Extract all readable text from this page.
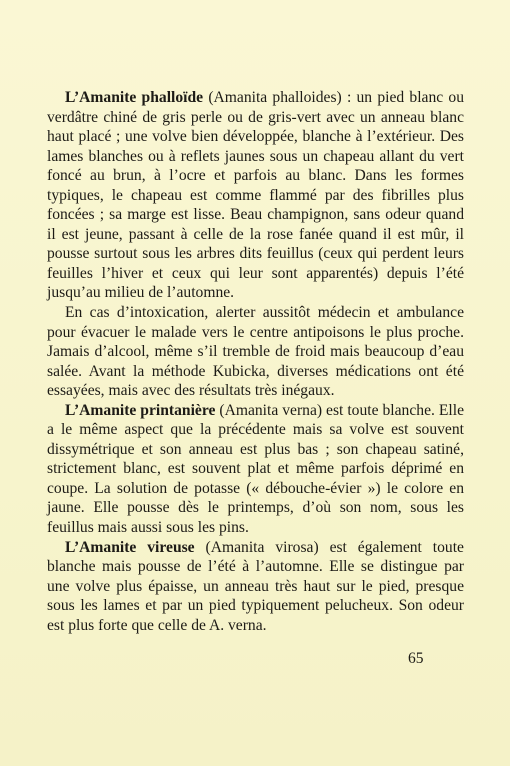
L’Amanite phalloïde (Amanita phalloides) : un pied blanc ou verdâtre chiné de gris perle ou de gris-vert avec un anneau blanc haut placé ; une volve bien développée, blanche à l’extérieur. Des lames blanches ou à reflets jaunes sous un chapeau allant du vert foncé au brun, à l’ocre et parfois au blanc. Dans les formes typiques, le chapeau est comme flammé par des fibrilles plus foncées ; sa marge est lisse. Beau champignon, sans odeur quand il est jeune, passant à celle de la rose fanée quand il est mûr, il pousse surtout sous les arbres dits feuillus (ceux qui perdent leurs feuilles l’hiver et ceux qui leur sont apparentés) depuis l’été jusqu’au milieu de l’automne.

En cas d’intoxication, alerter aussitôt médecin et ambulance pour évacuer le malade vers le centre antipoisons le plus proche. Jamais d’alcool, même s’il tremble de froid mais beaucoup d’eau salée. Avant la méthode Kubicka, diverses médications ont été essayées, mais avec des résultats très inégaux.

L’Amanite printanière (Amanita verna) est toute blanche. Elle a le même aspect que la précédente mais sa volve est souvent dissymétrique et son anneau est plus bas ; son chapeau satiné, strictement blanc, est souvent plat et même parfois déprimé en coupe. La solution de potasse (« débouche-évier ») le colore en jaune. Elle pousse dès le printemps, d’où son nom, sous les feuillus mais aussi sous les pins.

L’Amanite vireuse (Amanita virosa) est également toute blanche mais pousse de l’été à l’automne. Elle se distingue par une volve plus épaisse, un anneau très haut sur le pied, presque sous les lames et par un pied typiquement pelucheux. Son odeur est plus forte que celle de A. verna.

65
